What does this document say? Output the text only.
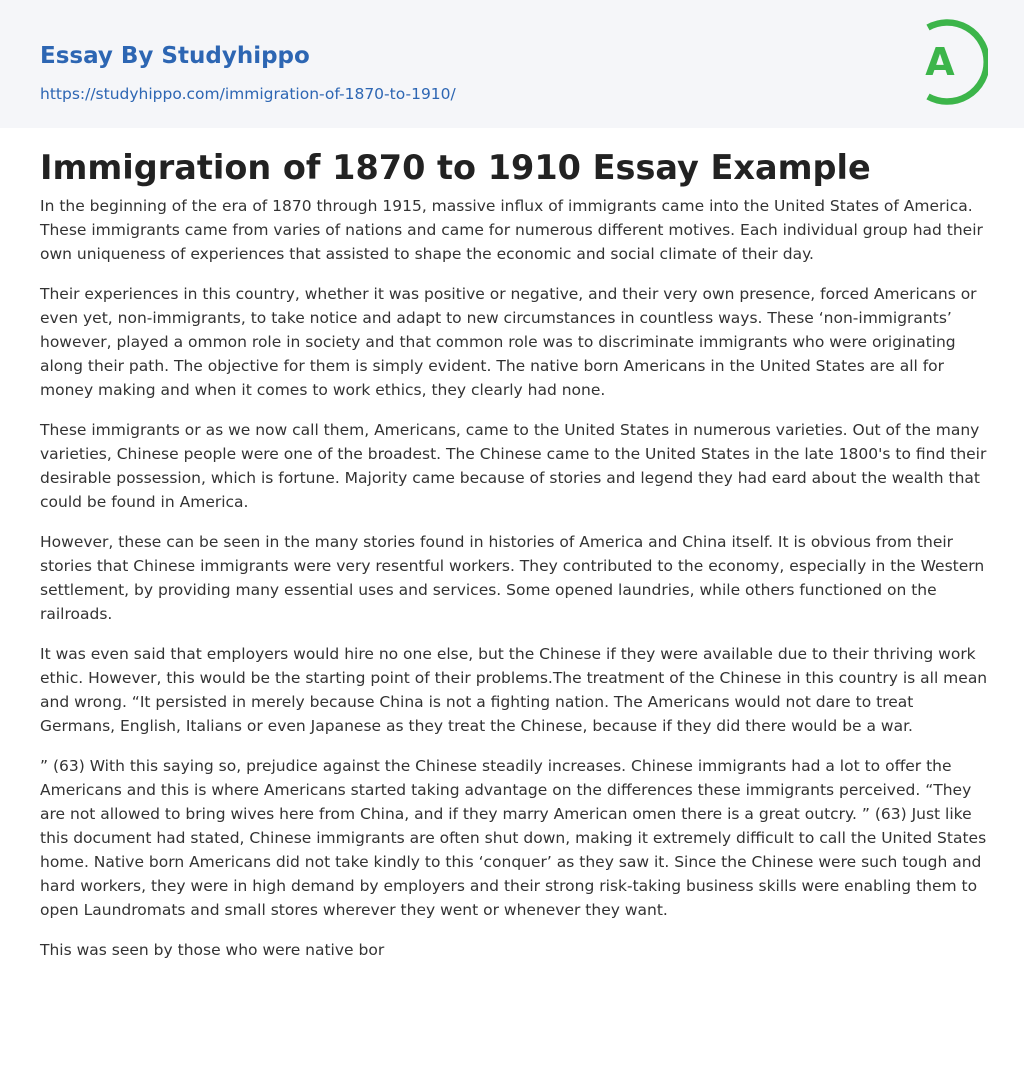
Essay By Studyhippo
https://studyhippo.com/immigration-of-1870-to-1910/
A
Immigration of 1870 to 1910 Essay Example

In the beginning of the era of 1870 through 1915, massive influx of immigrants came into the United States of America. These immigrants came from varies of nations and came for numerous different motives. Each individual group had their own uniqueness of experiences that assisted to shape the economic and social climate of their day.

Their experiences in this country, whether it was positive or negative, and their very own presence, forced Americans or even yet, non-immigrants, to take notice and adapt to new circumstances in countless ways. These ‘non-immigrants’ however, played a ommon role in society and that common role was to discriminate immigrants who were originating along their path. The objective for them is simply evident. The native born Americans in the United States are all for money making and when it comes to work ethics, they clearly had none.

These immigrants or as we now call them, Americans, came to the United States in numerous varieties. Out of the many varieties, Chinese people were one of the broadest. The Chinese came to the United States in the late 1800's to find their desirable possession, which is fortune. Majority came because of stories and legend they had eard about the wealth that could be found in America.

However, these can be seen in the many stories found in histories of America and China itself. It is obvious from their stories that Chinese immigrants were very resentful workers. They contributed to the economy, especially in the Western settlement, by providing many essential uses and services. Some opened laundries, while others functioned on the railroads.

It was even said that employers would hire no one else, but the Chinese if they were available due to their thriving work ethic. However, this would be the starting point of their problems.The treatment of the Chinese in this country is all mean and wrong. “It persisted in merely because China is not a fighting nation. The Americans would not dare to treat Germans, English, Italians or even Japanese as they treat the Chinese, because if they did there would be a war.

” (63) With this saying so, prejudice against the Chinese steadily increases. Chinese immigrants had a lot to offer the Americans and this is where Americans started taking advantage on the differences these immigrants perceived. “They are not allowed to bring wives here from China, and if they marry American omen there is a great outcry. ” (63) Just like this document had stated, Chinese immigrants are often shut down, making it extremely difficult to call the United States home. Native born Americans did not take kindly to this ‘conquer’ as they saw it. Since the Chinese were such tough and hard workers, they were in high demand by employers and their strong risk-taking business skills were enabling them to open Laundromats and small stores wherever they went or whenever they want.

This was seen by those who were native bor
